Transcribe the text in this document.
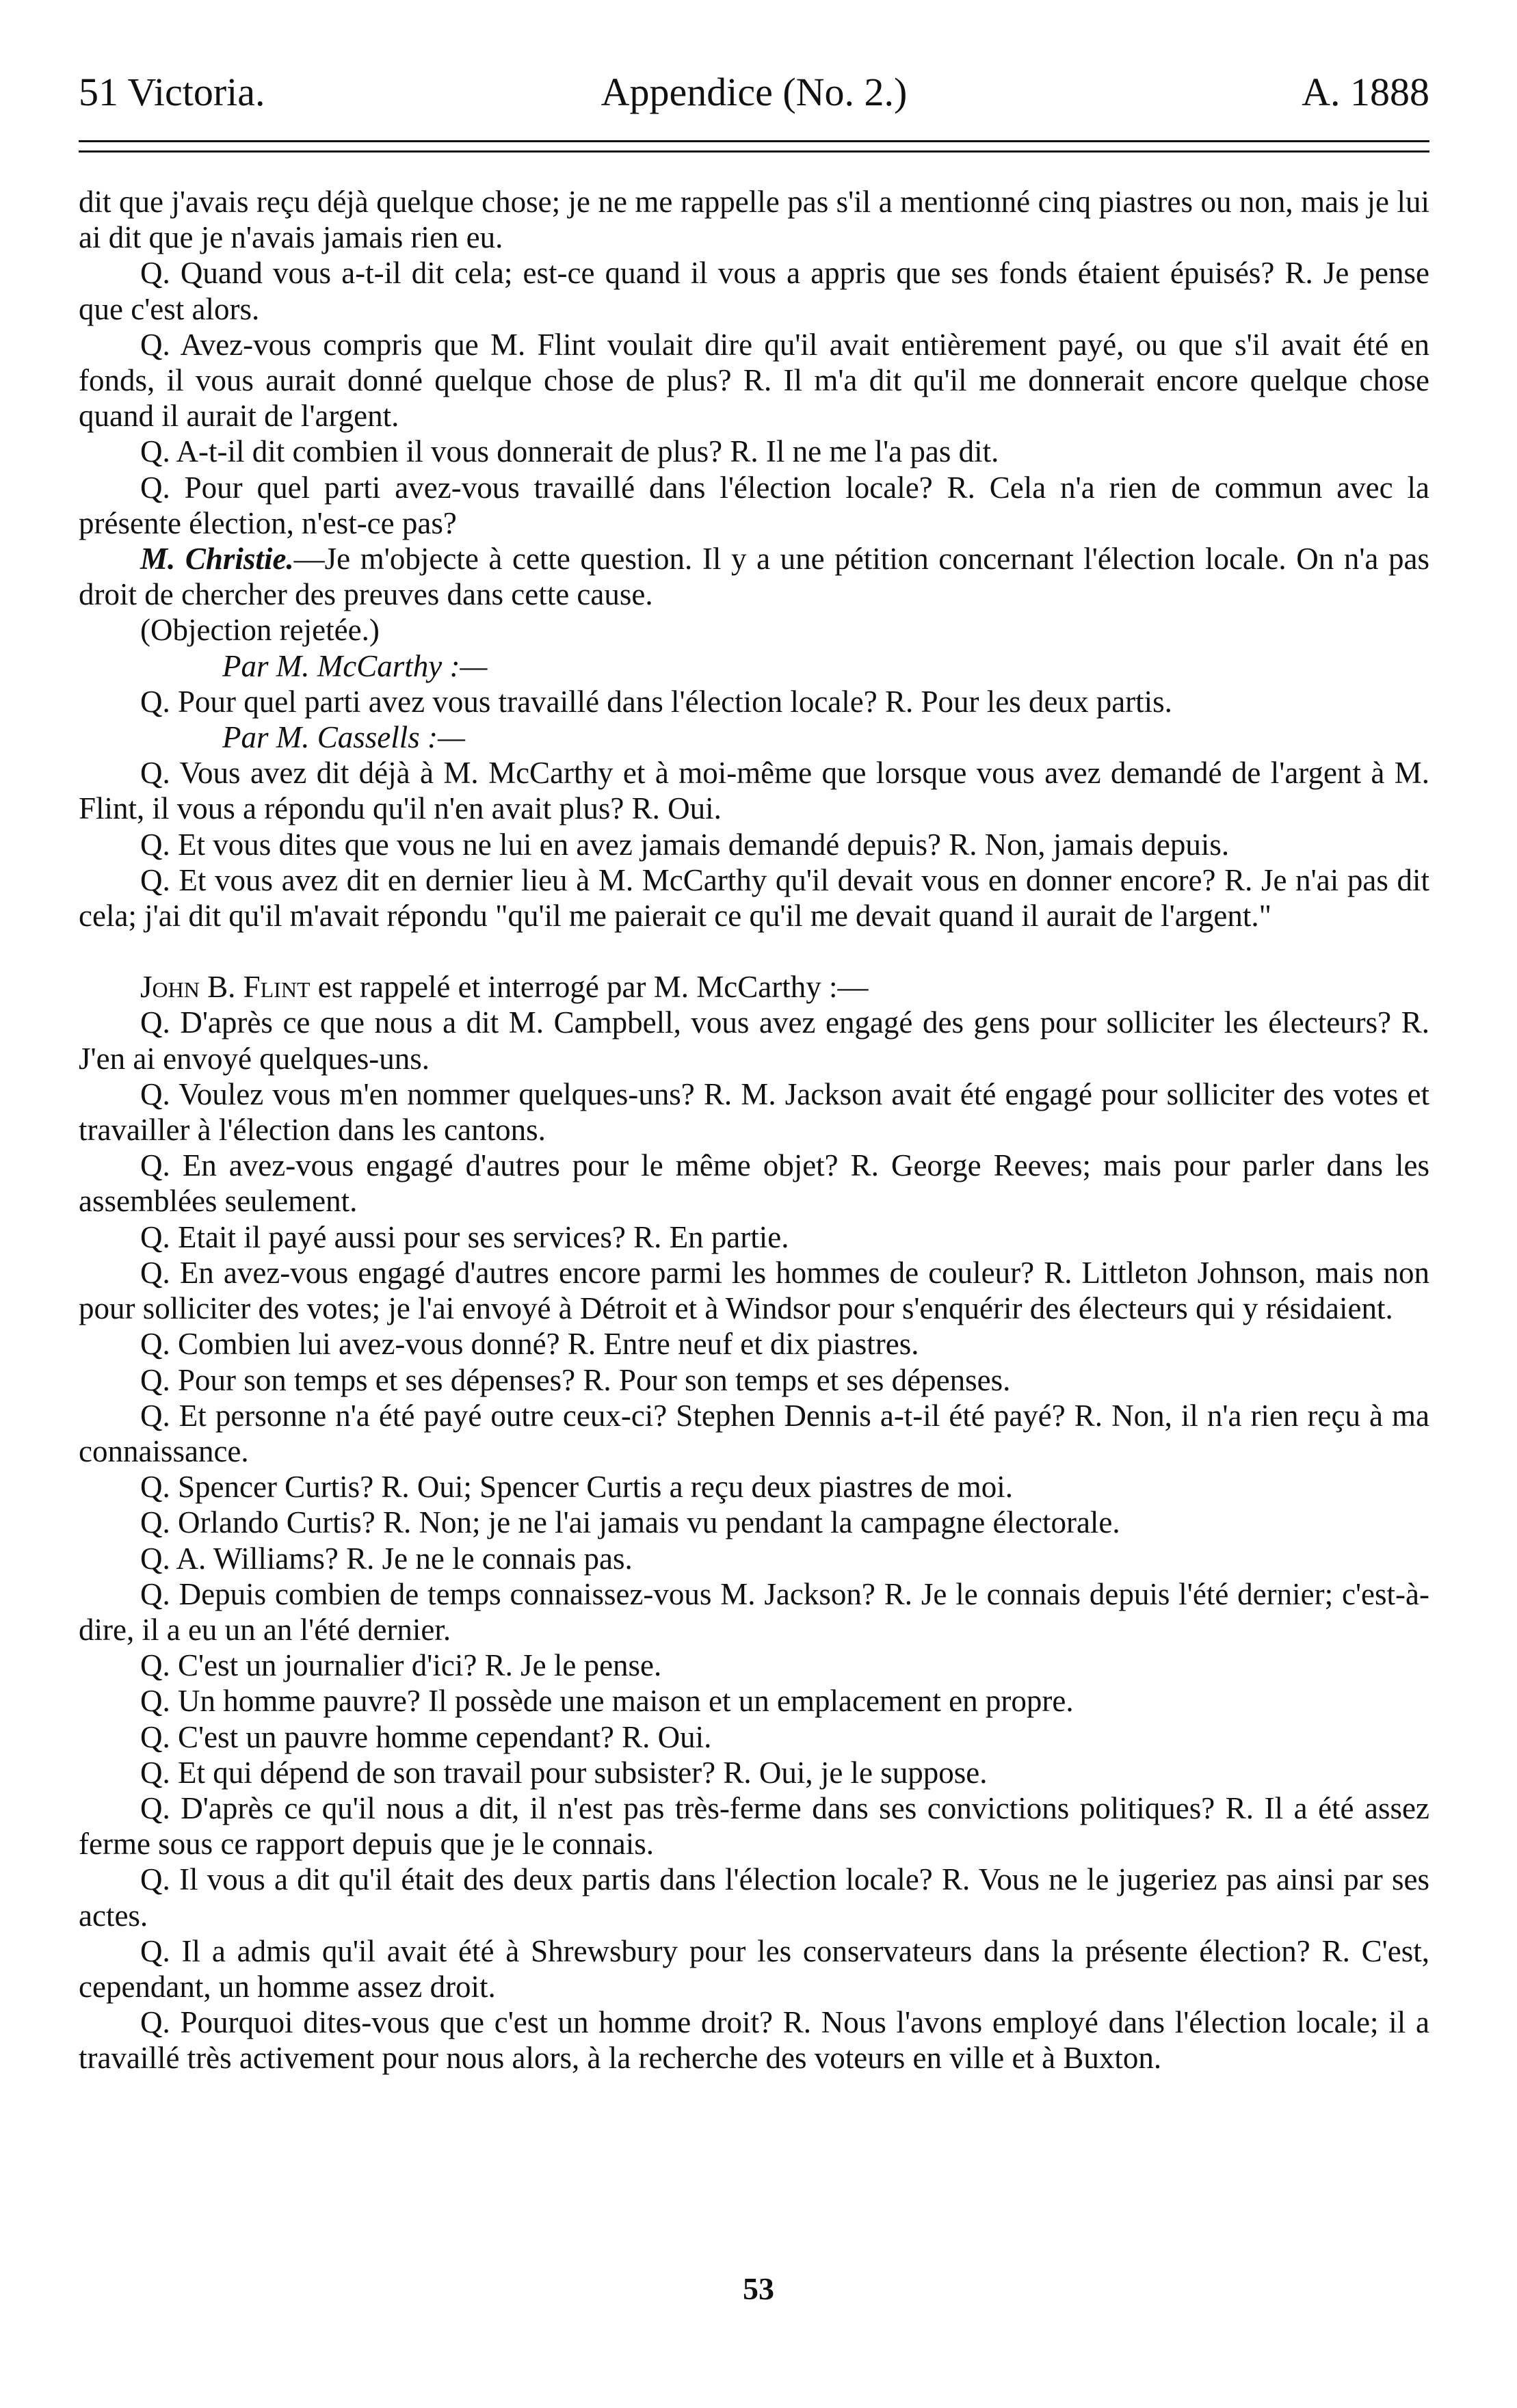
51 Victoria.	Appendice (No. 2.)	A. 1888

dit que j'avais reçu déjà quelque chose; je ne me rappelle pas s'il a mentionné cinq piastres ou non, mais je lui ai dit que je n'avais jamais rien eu.

Q. Quand vous a-t-il dit cela; est-ce quand il vous a appris que ses fonds étaient épuisés? R. Je pense que c'est alors.

Q. Avez-vous compris que M. Flint voulait dire qu'il avait entièrement payé, ou que s'il avait été en fonds, il vous aurait donné quelque chose de plus? R. Il m'a dit qu'il me donnerait encore quelque chose quand il aurait de l'argent.

Q. A-t-il dit combien il vous donnerait de plus? R. Il ne me l'a pas dit.

Q. Pour quel parti avez-vous travaillé dans l'élection locale? R. Cela n'a rien de commun avec la présente élection, n'est-ce pas?

M. Christie.—Je m'objecte à cette question. Il y a une pétition concernant l'élection locale. On n'a pas droit de chercher des preuves dans cette cause.

(Objection rejetée.)

Par M. McCarthy :—

Q. Pour quel parti avez vous travaillé dans l'élection locale? R. Pour les deux partis.

Par M. Cassells :—

Q. Vous avez dit déjà à M. McCarthy et à moi-même que lorsque vous avez demandé de l'argent à M. Flint, il vous a répondu qu'il n'en avait plus? R. Oui.

Q. Et vous dites que vous ne lui en avez jamais demandé depuis? R. Non, jamais depuis.

Q. Et vous avez dit en dernier lieu à M. McCarthy qu'il devait vous en donner encore? R. Je n'ai pas dit cela; j'ai dit qu'il m'avait répondu "qu'il me paierait ce qu'il me devait quand il aurait de l'argent."

John B. Flint est rappelé et interrogé par M. McCarthy :—

Q. D'après ce que nous a dit M. Campbell, vous avez engagé des gens pour solliciter les électeurs? R. J'en ai envoyé quelques-uns.

Q. Voulez vous m'en nommer quelques-uns? R. M. Jackson avait été engagé pour solliciter des votes et travailler à l'élection dans les cantons.

Q. En avez-vous engagé d'autres pour le même objet? R. George Reeves; mais pour parler dans les assemblées seulement.

Q. Etait il payé aussi pour ses services? R. En partie.

Q. En avez-vous engagé d'autres encore parmi les hommes de couleur? R. Littleton Johnson, mais non pour solliciter des votes; je l'ai envoyé à Détroit et à Windsor pour s'enquérir des électeurs qui y résidaient.

Q. Combien lui avez-vous donné? R. Entre neuf et dix piastres.

Q. Pour son temps et ses dépenses? R. Pour son temps et ses dépenses.

Q. Et personne n'a été payé outre ceux-ci? Stephen Dennis a-t-il été payé? R. Non, il n'a rien reçu à ma connaissance.

Q. Spencer Curtis? R. Oui; Spencer Curtis a reçu deux piastres de moi.

Q. Orlando Curtis? R. Non; je ne l'ai jamais vu pendant la campagne électorale.

Q. A. Williams? R. Je ne le connais pas.

Q. Depuis combien de temps connaissez-vous M. Jackson? R. Je le connais depuis l'été dernier; c'est-à-dire, il a eu un an l'été dernier.

Q. C'est un journalier d'ici? R. Je le pense.

Q. Un homme pauvre? Il possède une maison et un emplacement en propre.

Q. C'est un pauvre homme cependant? R. Oui.

Q. Et qui dépend de son travail pour subsister? R. Oui, je le suppose.

Q. D'après ce qu'il nous a dit, il n'est pas très-ferme dans ses convictions politiques? R. Il a été assez ferme sous ce rapport depuis que je le connais.

Q. Il vous a dit qu'il était des deux partis dans l'élection locale? R. Vous ne le jugeriez pas ainsi par ses actes.

Q. Il a admis qu'il avait été à Shrewsbury pour les conservateurs dans la présente élection? R. C'est, cependant, un homme assez droit.

Q. Pourquoi dites-vous que c'est un homme droit? R. Nous l'avons employé dans l'élection locale; il a travaillé très activement pour nous alors, à la recherche des voteurs en ville et à Buxton.

53
